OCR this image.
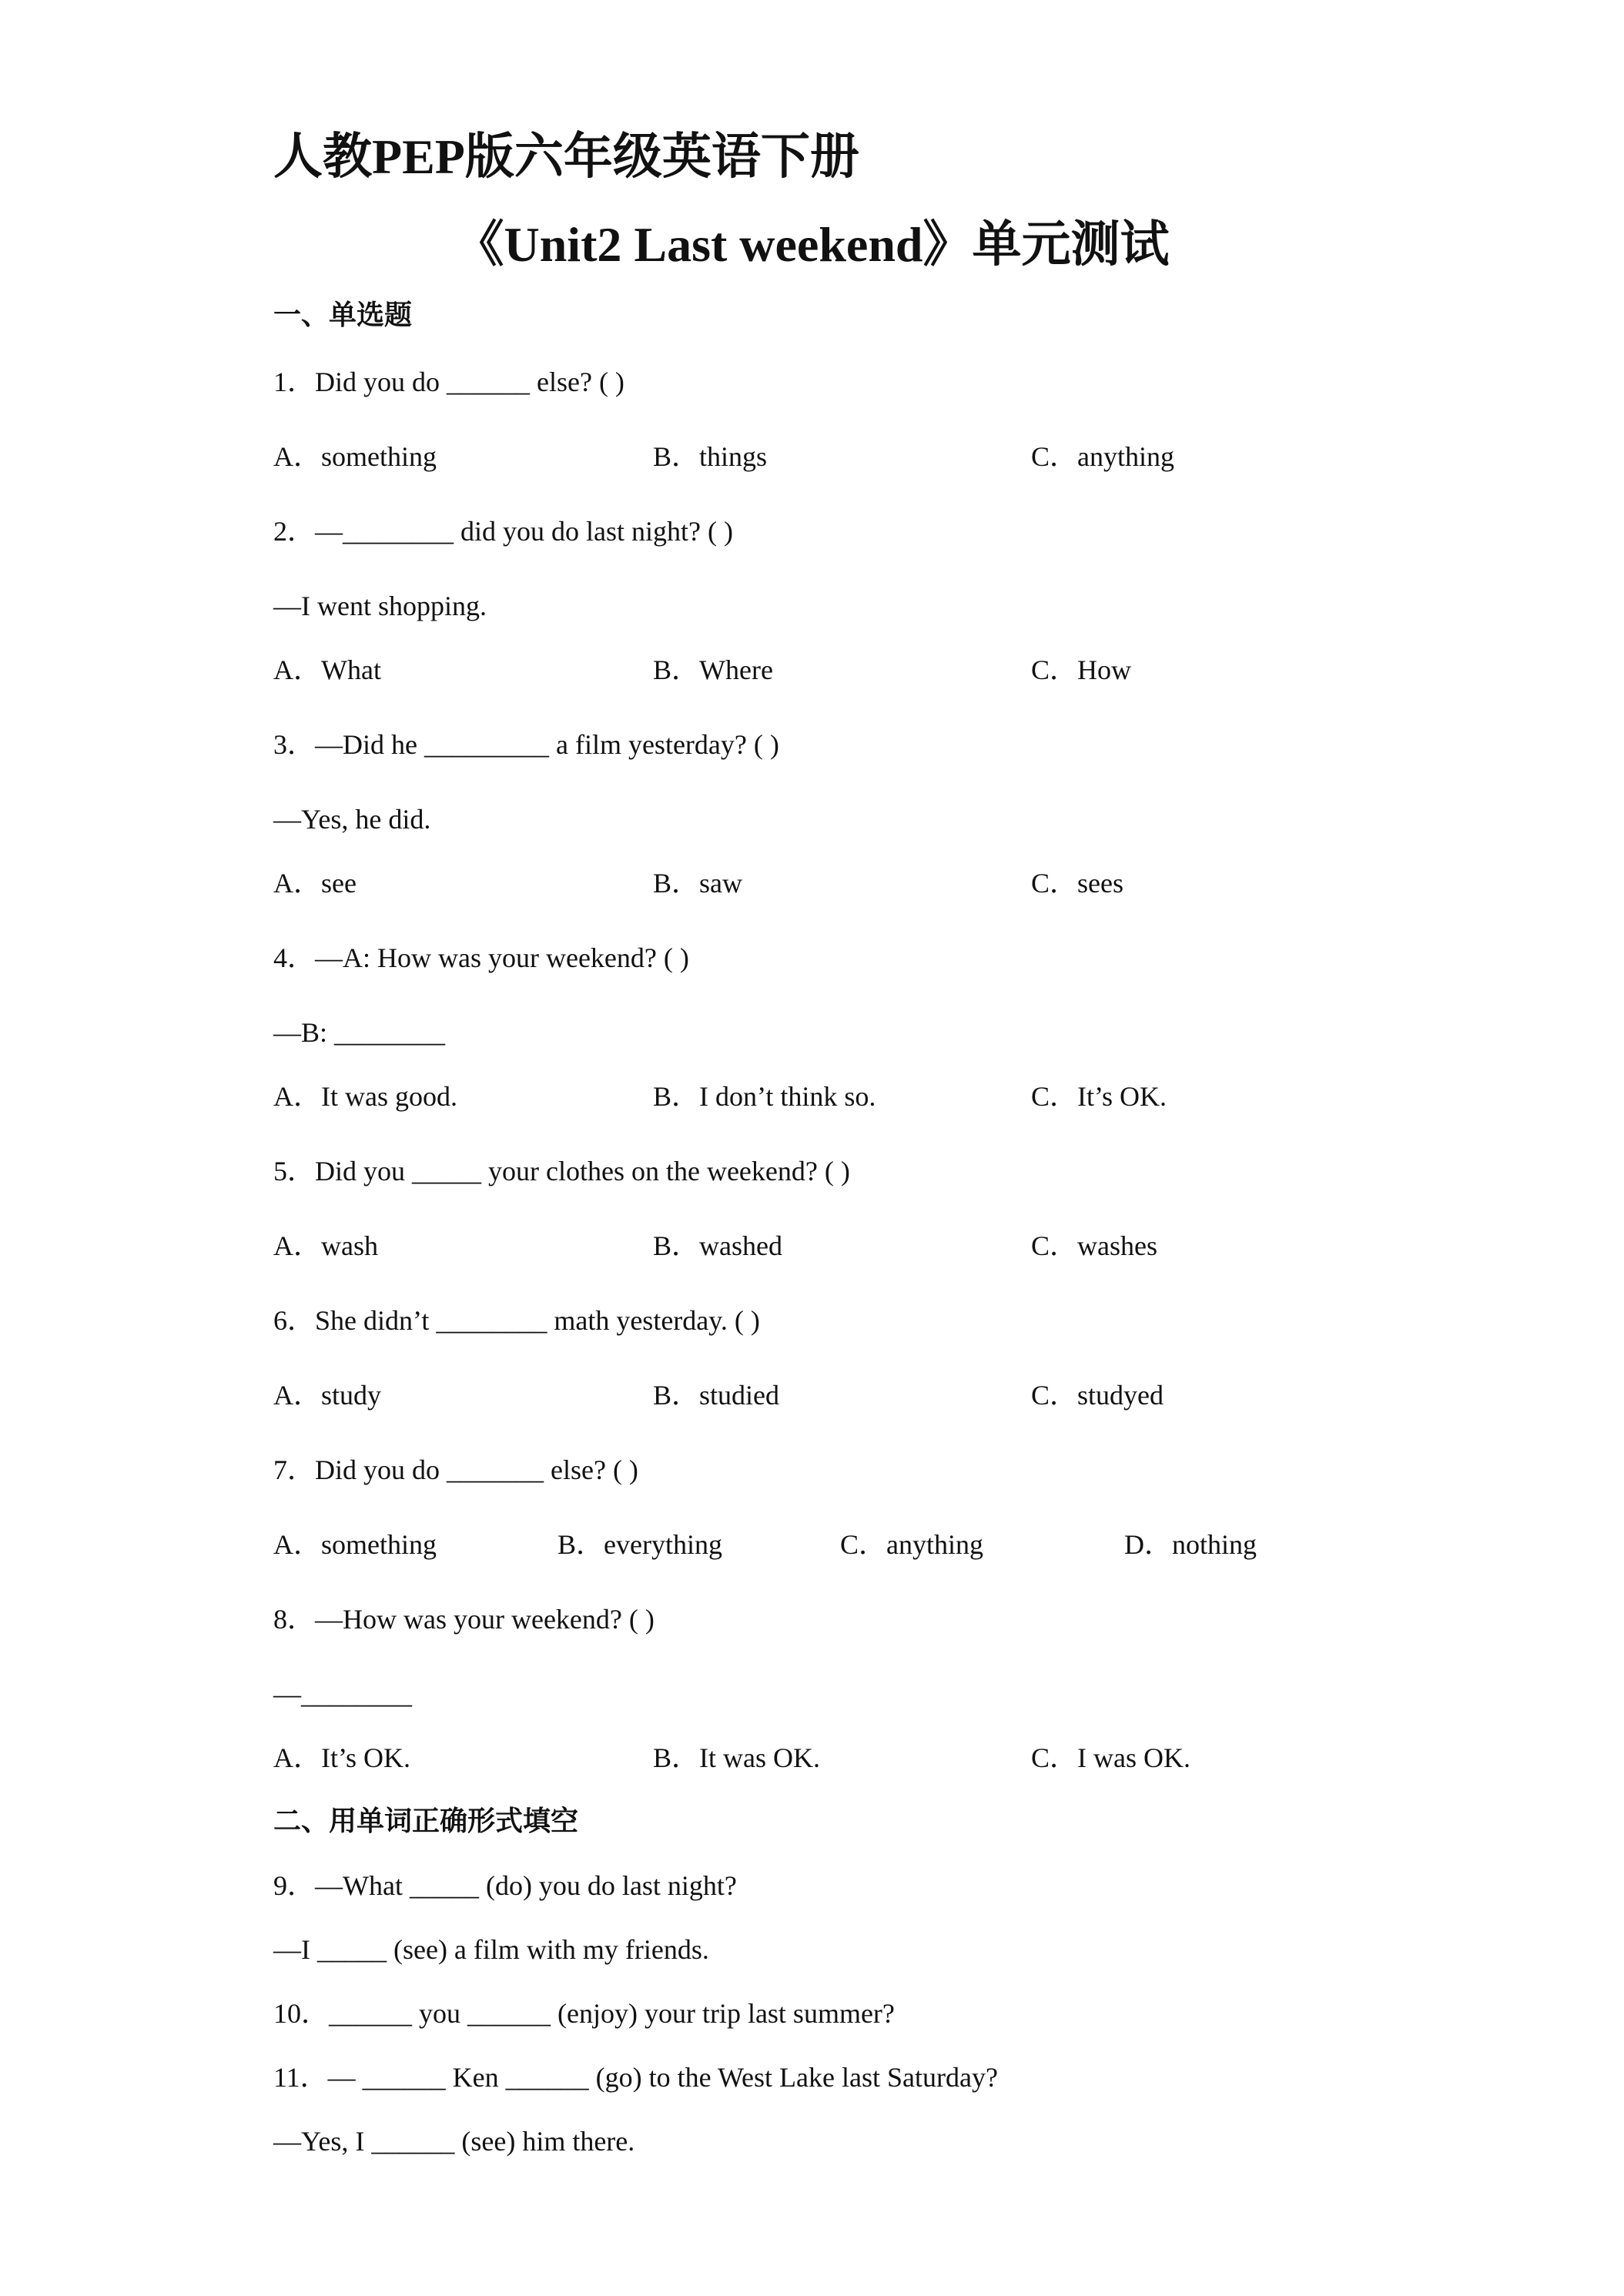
人教PEP版六年级英语下册
《Unit2 Last weekend》单元测试
一、单选题
1．Did you do ______ else? ( )
A．something	B．things	C．anything
2．—________ did you do last night? ( )
—I went shopping.
A．What	B．Where	C．How
3．—Did he _________ a film yesterday? ( )
—Yes, he did.
A．see	B．saw	C．sees
4．—A: How was your weekend? ( )
—B: ________
A．It was good.	B．I don’t think so.	C．It’s OK.
5．Did you _____ your clothes on the weekend? ( )
A．wash	B．washed	C．washes
6．She didn’t ________ math yesterday. ( )
A．study	B．studied	C．studyed
7．Did you do _______ else? ( )
A．something	B．everything	C．anything	D．nothing
8．—How was your weekend? ( )
—________
A．It’s OK.	B．It was OK.	C．I was OK.
二、用单词正确形式填空
9．—What _____ (do) you do last night?
—I _____ (see) a film with my friends.
10．______ you ______ (enjoy) your trip last summer?
11．— ______ Ken ______ (go) to the West Lake last Saturday?
—Yes, I ______ (see) him there.
